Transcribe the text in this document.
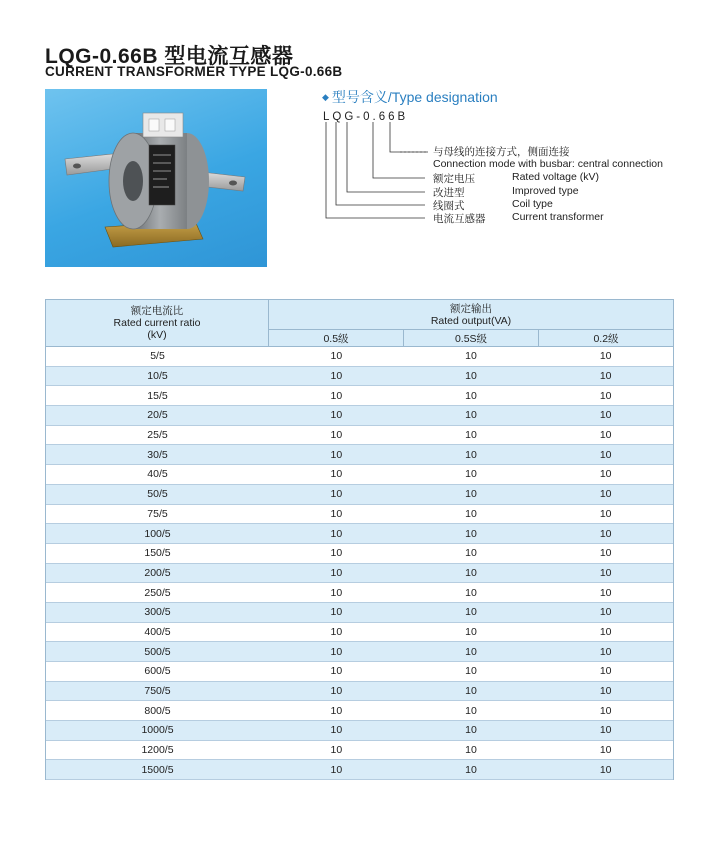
LQG-0.66B 型电流互感器
CURRENT TRANSFORMER TYPE LQG-0.66B
◆ 型号含义/Type designation
LQG-0.66B
与母线的连接方式，侧面连接
Connection mode with busbar: central connection
额定电压	Rated voltage (kV)
改进型	Improved type
线圈式	Coil type
电流互感器	Current transformer
额定电流比
Rated current ratio
(kV)
额定输出
Rated output(VA)
0.5级	0.5S级	0.2级
5/5	10	10	10
10/5	10	10	10
15/5	10	10	10
20/5	10	10	10
25/5	10	10	10
30/5	10	10	10
40/5	10	10	10
50/5	10	10	10
75/5	10	10	10
100/5	10	10	10
150/5	10	10	10
200/5	10	10	10
250/5	10	10	10
300/5	10	10	10
400/5	10	10	10
500/5	10	10	10
600/5	10	10	10
750/5	10	10	10
800/5	10	10	10
1000/5	10	10	10
1200/5	10	10	10
1500/5	10	10	10
